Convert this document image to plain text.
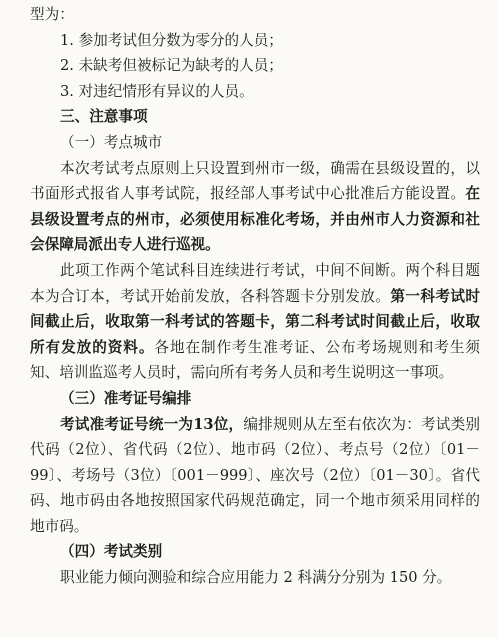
型为：

1. 参加考试但分数为零分的人员；

2. 未缺考但被标记为缺考的人员；

3. 对违纪情形有异议的人员。

三、注意事项

（一）考点城市

本次考试考点原则上只设置到州市一级，确需在县级设置的，以书面形式报省人事考试院，报经部人事考试中心批准后方能设置。在县级设置考点的州市，必须使用标准化考场，并由州市人力资源和社会保障局派出专人进行巡视。

此项工作两个笔试科目连续进行考试，中间不间断。两个科目题本为合订本，考试开始前发放，各科答题卡分别发放。第一科考试时间截止后，收取第一科考试的答题卡，第二科考试时间截止后，收取所有发放的资料。各地在制作考生准考证、公布考场规则和考生须知、培训监巡考人员时，需向所有考务人员和考生说明这一事项。

（三）准考证号编排

考试准考证号统一为13位，编排规则从左至右依次为：考试类别代码（2位）、省代码（2位）、地市码（2位）、考点号（2位）〔01－99〕、考场号（3位）〔001－999〕、座次号（2位）〔01－30〕。省代码、地市码由各地按照国家代码规范确定，同一个地市须采用同样的地市码。

（四）考试类别

职业能力倾向测验和综合应用能力 2 科满分分别为 150 分。
